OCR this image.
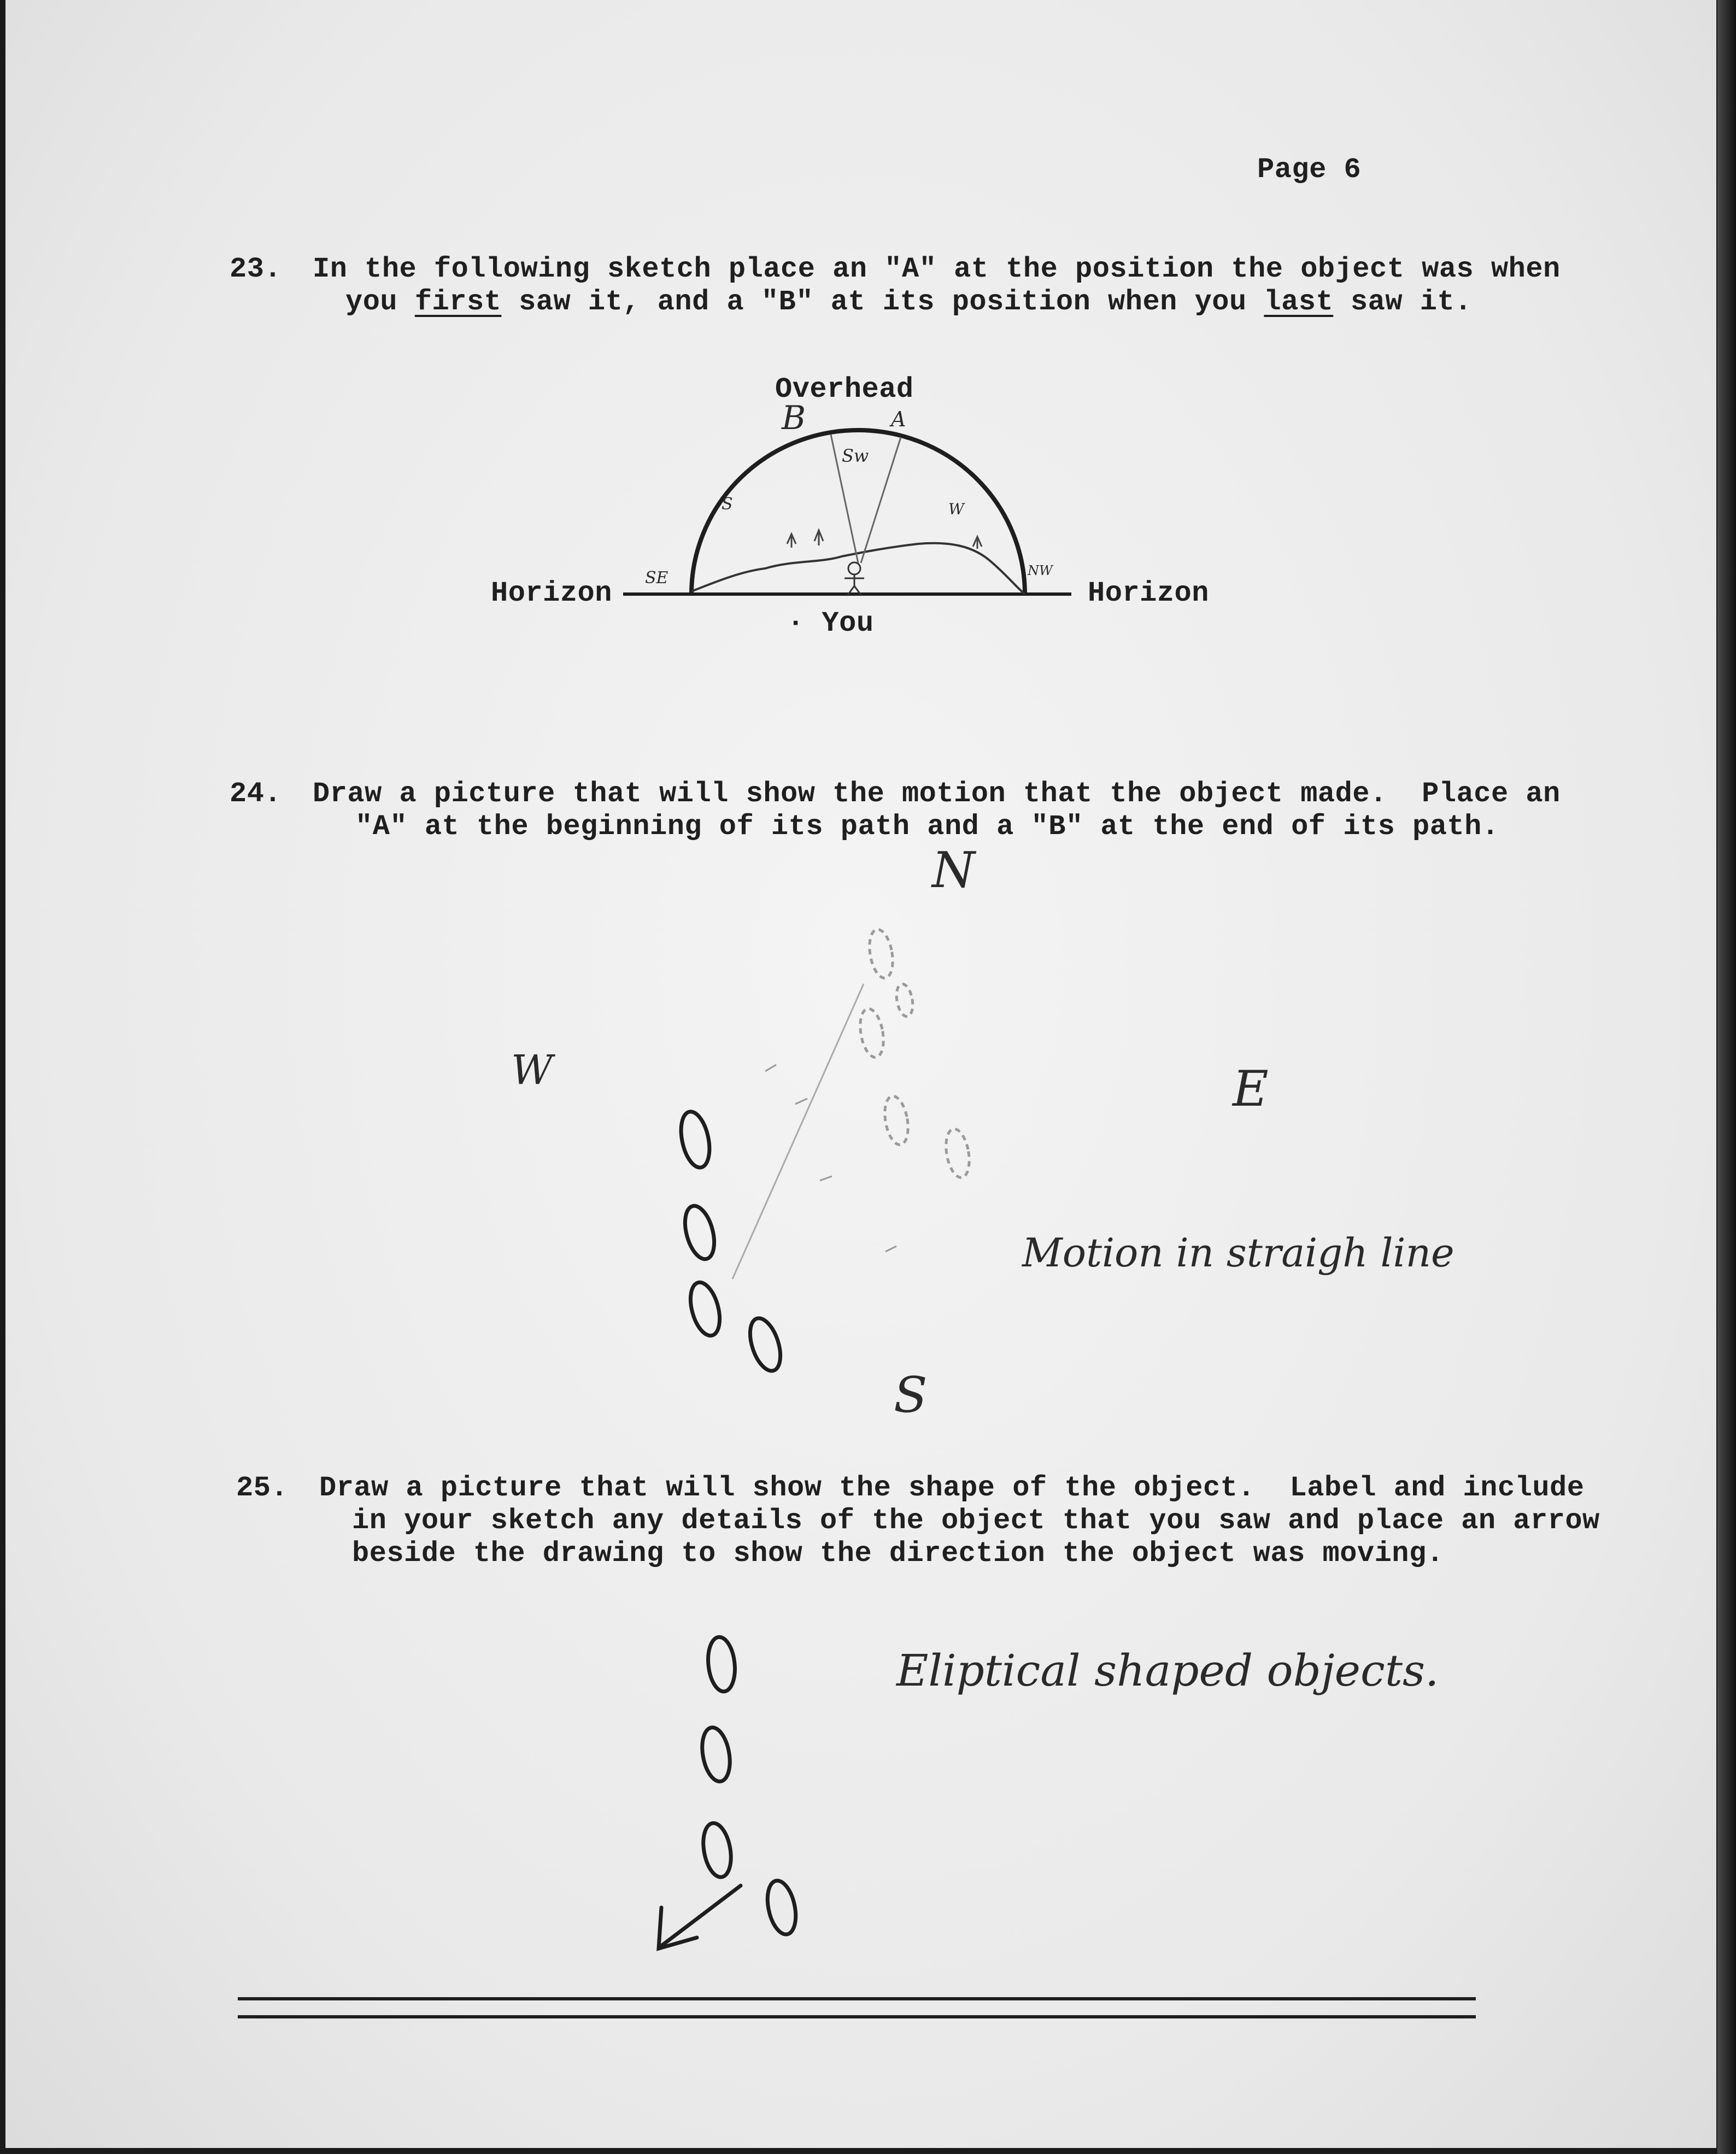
Page 6
23. In the following sketch place an "A" at the position the object was when
you first saw it, and a "B" at its position when you last saw it.
Overhead
Horizon	Horizon
· You
B	A
Sw
S	W
SE	NW
24. Draw a picture that will show the motion that the object made.  Place an
"A" at the beginning of its path and a "B" at the end of its path.
N
W	E
S
Motion in straigh line
25. Draw a picture that will show the shape of the object.  Label and include
in your sketch any details of the object that you saw and place an arrow
beside the drawing to show the direction the object was moving.
Eliptical shaped objects.
